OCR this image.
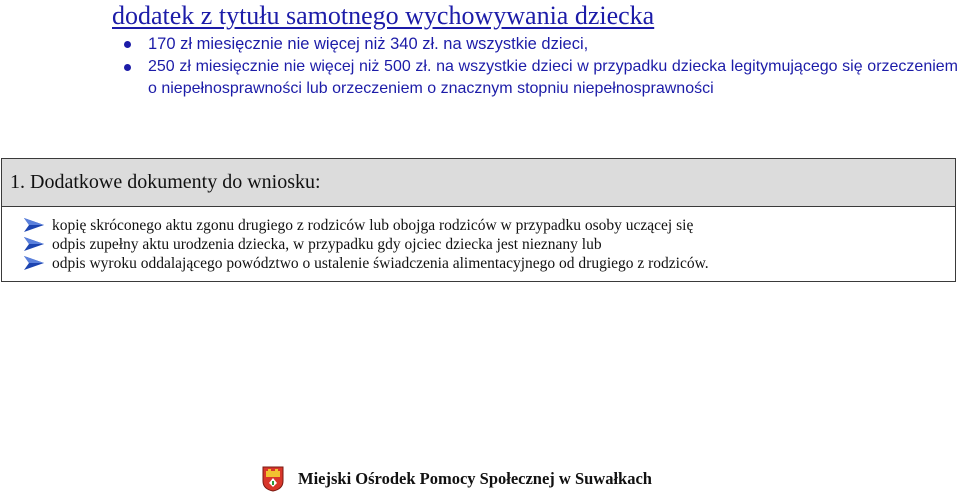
dodatek z tytułu samotnego wychowywania dziecka
170 zł miesięcznie nie więcej niż 340 zł. na wszystkie dzieci,
250 zł miesięcznie nie więcej niż 500 zł. na wszystkie dzieci w przypadku dziecka legitymującego się orzeczeniem o niepełnosprawności lub orzeczeniem o znacznym stopniu niepełnosprawności
1. Dodatkowe dokumenty do wniosku:
kopię skróconego aktu zgonu drugiego z rodziców lub obojga rodziców w przypadku osoby uczącej się
odpis zupełny aktu urodzenia dziecka, w przypadku gdy ojciec dziecka jest nieznany lub
odpis wyroku oddalającego powództwo o ustalenie świadczenia alimentacyjnego od drugiego z rodziców.
Miejski Ośrodek Pomocy Społecznej w Suwałkach
